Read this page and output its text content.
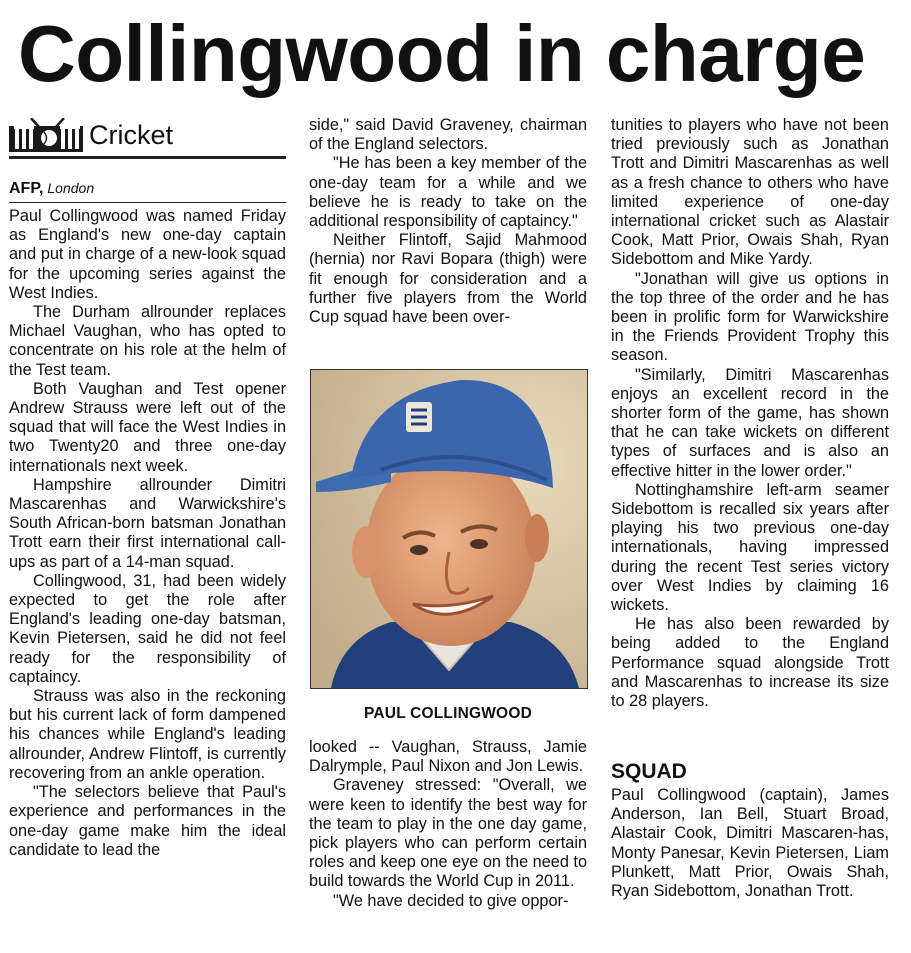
Collingwood in charge
Cricket
AFP, London

Paul Collingwood was named Friday as England's new one-day captain and put in charge of a new-look squad for the upcoming series against the West Indies.

The Durham allrounder replaces Michael Vaughan, who has opted to concentrate on his role at the helm of the Test team.

Both Vaughan and Test opener Andrew Strauss were left out of the squad that will face the West Indies in two Twenty20 and three one-day internationals next week.

Hampshire allrounder Dimitri Mascarenhas and Warwickshire's South African-born batsman Jonathan Trott earn their first international call-ups as part of a 14-man squad.

Collingwood, 31, had been widely expected to get the role after England's leading one-day batsman, Kevin Pietersen, said he did not feel ready for the responsibility of captaincy.

Strauss was also in the reckoning but his current lack of form dampened his chances while England's leading allrounder, Andrew Flintoff, is currently recovering from an ankle operation.

"The selectors believe that Paul's experience and performances in the one-day game make him the ideal candidate to lead the

side," said David Graveney, chairman of the England selectors.

"He has been a key member of the one-day team for a while and we believe he is ready to take on the additional responsibility of captaincy."

Neither Flintoff, Sajid Mahmood (hernia) nor Ravi Bopara (thigh) were fit enough for consideration and a further five players from the World Cup squad have been over-

PAUL COLLINGWOOD

looked -- Vaughan, Strauss, Jamie Dalrymple, Paul Nixon and Jon Lewis.

Graveney stressed: "Overall, we were keen to identify the best way for the team to play in the one day game, pick players who can perform certain roles and keep one eye on the need to build towards the World Cup in 2011.

"We have decided to give oppor-

tunities to players who have not been tried previously such as Jonathan Trott and Dimitri Mascarenhas as well as a fresh chance to others who have limited experience of one-day international cricket such as Alastair Cook, Matt Prior, Owais Shah, Ryan Sidebottom and Mike Yardy.

"Jonathan will give us options in the top three of the order and he has been in prolific form for Warwickshire in the Friends Provident Trophy this season.

"Similarly, Dimitri Mascarenhas enjoys an excellent record in the shorter form of the game, has shown that he can take wickets on different types of surfaces and is also an effective hitter in the lower order."

Nottinghamshire left-arm seamer Sidebottom is recalled six years after playing his two previous one-day internationals, having impressed during the recent Test series victory over West Indies by claiming 16 wickets.

He has also been rewarded by being added to the England Performance squad alongside Trott and Mascarenhas to increase its size to 28 players.

SQUAD

Paul Collingwood (captain), James Anderson, Ian Bell, Stuart Broad, Alastair Cook, Dimitri Mascaren-has, Monty Panesar, Kevin Pietersen, Liam Plunkett, Matt Prior, Owais Shah, Ryan Sidebottom, Jonathan Trott.
